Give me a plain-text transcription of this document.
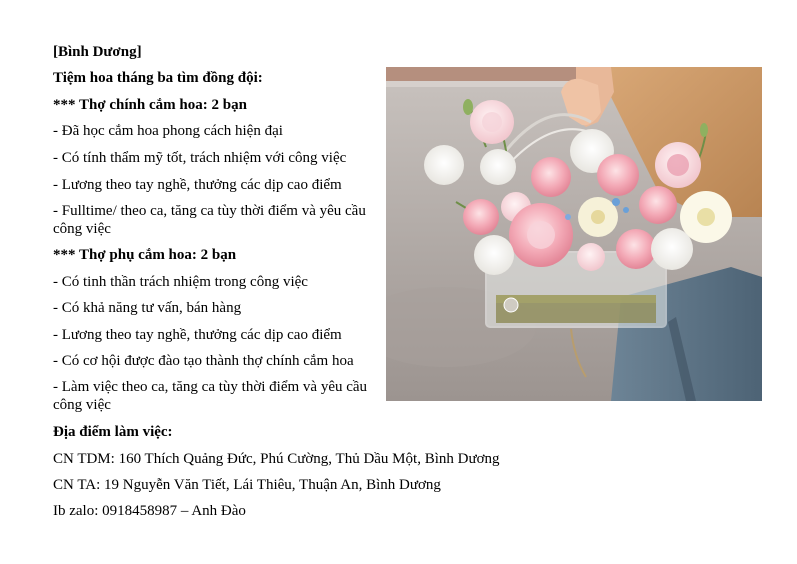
[Bình Dương]
Tiệm hoa tháng ba tìm đồng đội:
*** Thợ chính cắm hoa: 2 bạn
- Đã học cắm hoa phong cách hiện đại
- Có tính thẩm mỹ tốt, trách nhiệm với công việc
- Lương theo tay nghề, thưởng các dịp cao điểm
- Fulltime/ theo ca, tăng ca tùy thời điểm và yêu cầu công việc
*** Thợ phụ cắm hoa: 2 bạn
- Có tinh thần trách nhiệm trong công việc
- Có khả năng tư vấn, bán hàng
- Lương theo tay nghề, thưởng các dịp cao điểm
- Có cơ hội được đào tạo thành thợ chính cắm hoa
- Làm việc theo ca, tăng ca tùy thời điểm và yêu cầu công việc
Địa điểm làm việc:
CN TDM: 160 Thích Quảng Đức, Phú Cường, Thủ Dầu Một, Bình Dương
CN TA: 19 Nguyễn Văn Tiết, Lái Thiêu, Thuận An, Bình Dương
Ib zalo: 0918458987 – Anh Đào
